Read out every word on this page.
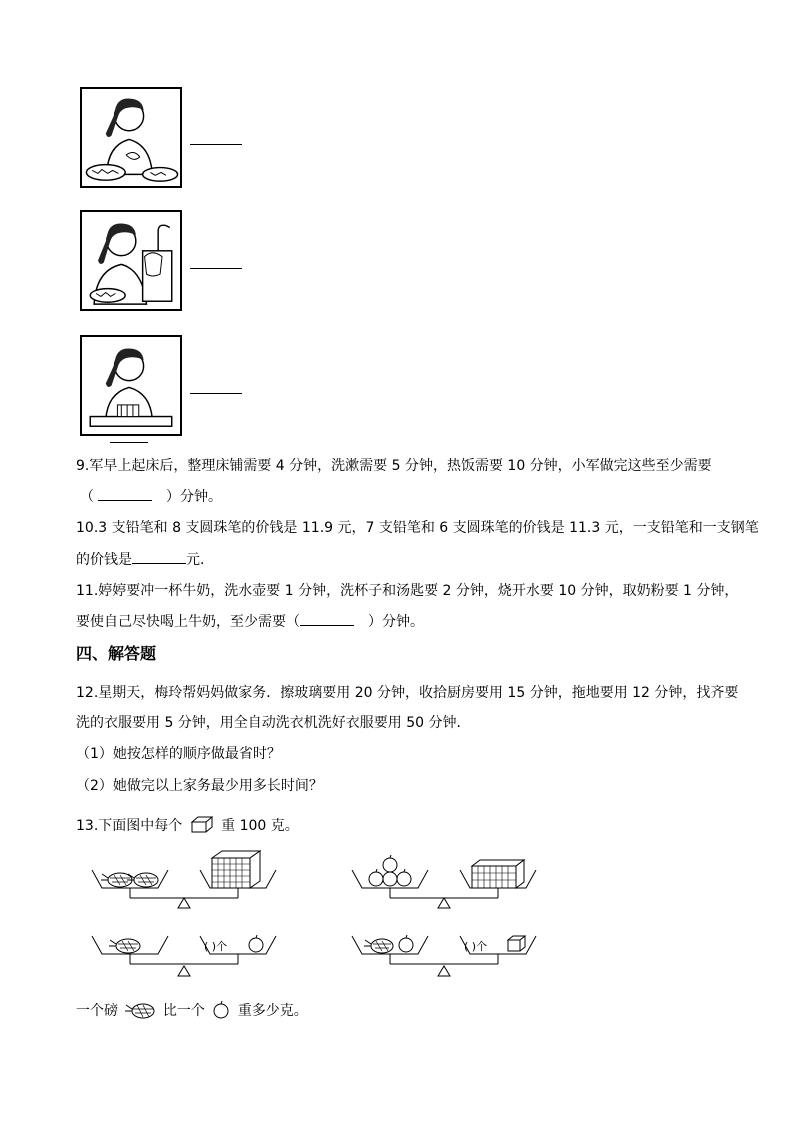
9.军早上起床后，整理床铺需要 4 分钟，洗漱需要 5 分钟，热饭需要 10 分钟，小军做完这些至少需要
（	）分钟。
10.3 支铅笔和 8 支圆珠笔的价钱是 11.9 元，7 支铅笔和 6 支圆珠笔的价钱是 11.3 元，一支铅笔和一支钢笔
的价钱是	元．
11.婷婷要冲一杯牛奶，洗水壶要 1 分钟，洗杯子和汤匙要 2 分钟，烧开水要 10 分钟，取奶粉要 1 分钟，
要使自己尽快喝上牛奶，至少需要（	）分钟。
四、解答题
12.星期天，梅玲帮妈妈做家务．擦玻璃要用 20 分钟，收拾厨房要用 15 分钟，拖地要用 12 分钟，找齐要
洗的衣服要用 5 分钟，用全自动洗衣机洗好衣服要用 50 分钟．
（1）她按怎样的顺序做最省时？
（2）她做完以上家务最少用多长时间？
13.下面图中每个	重 100 克。
( )个	( )个
一个磅	比一个 重多少克。
